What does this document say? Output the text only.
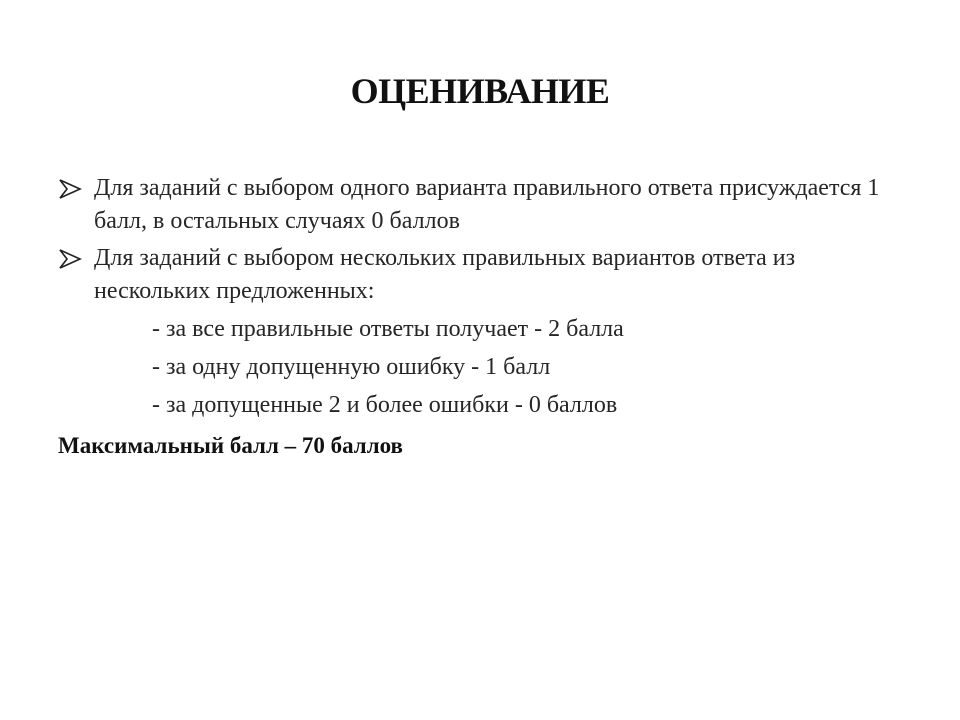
ОЦЕНИВАНИЕ
Для заданий с выбором одного варианта правильного ответа присуждается 1 балл, в остальных случаях 0 баллов
Для заданий с выбором нескольких правильных вариантов ответа из нескольких предложенных:
- за все правильные ответы получает - 2 балла
- за одну допущенную ошибку - 1 балл
- за допущенные 2 и более ошибки - 0 баллов
Максимальный балл – 70 баллов
